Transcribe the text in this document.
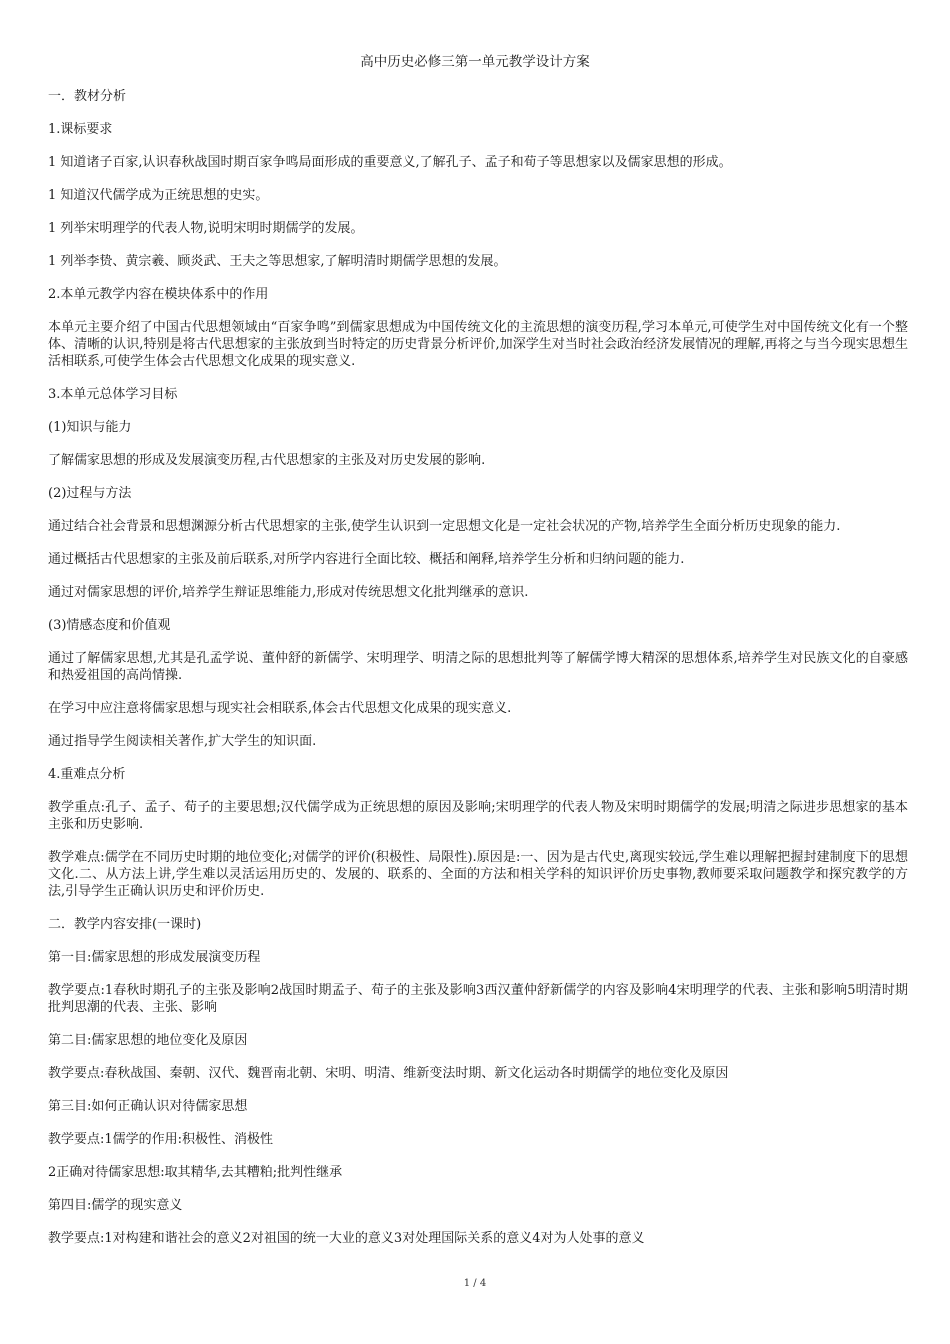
高中历史必修三第一单元教学设计方案

一．教材分析

1.课标要求

1 知道诸子百家,认识春秋战国时期百家争鸣局面形成的重要意义,了解孔子、孟子和荀子等思想家以及儒家思想的形成。

1 知道汉代儒学成为正统思想的史实。

1 列举宋明理学的代表人物,说明宋明时期儒学的发展。

1 列举李贽、黄宗羲、顾炎武、王夫之等思想家,了解明清时期儒学思想的发展。

2.本单元教学内容在模块体系中的作用

本单元主要介绍了中国古代思想领域由“百家争鸣”到儒家思想成为中国传统文化的主流思想的演变历程,学习本单元,可使学生对中国传统文化有一个整体、清晰的认识,特别是将古代思想家的主张放到当时特定的历史背景分析评价,加深学生对当时社会政治经济发展情况的理解,再将之与当今现实思想生活相联系,可使学生体会古代思想文化成果的现实意义.

3.本单元总体学习目标

(1)知识与能力

了解儒家思想的形成及发展演变历程,古代思想家的主张及对历史发展的影响.

(2)过程与方法

通过结合社会背景和思想渊源分析古代思想家的主张,使学生认识到一定思想文化是一定社会状况的产物,培养学生全面分析历史现象的能力.

通过概括古代思想家的主张及前后联系,对所学内容进行全面比较、概括和阐释,培养学生分析和归纳问题的能力.

通过对儒家思想的评价,培养学生辩证思维能力,形成对传统思想文化批判继承的意识.

(3)情感态度和价值观

通过了解儒家思想,尤其是孔孟学说、董仲舒的新儒学、宋明理学、明清之际的思想批判等了解儒学博大精深的思想体系,培养学生对民族文化的自豪感和热爱祖国的高尚情操.

在学习中应注意将儒家思想与现实社会相联系,体会古代思想文化成果的现实意义.

通过指导学生阅读相关著作,扩大学生的知识面.

4.重难点分析

教学重点:孔子、孟子、荀子的主要思想;汉代儒学成为正统思想的原因及影响;宋明理学的代表人物及宋明时期儒学的发展;明清之际进步思想家的基本主张和历史影响.

教学难点:儒学在不同历史时期的地位变化;对儒学的评价(积极性、局限性).原因是:一、因为是古代史,离现实较远,学生难以理解把握封建制度下的思想文化.二、从方法上讲,学生难以灵活运用历史的、发展的、联系的、全面的方法和相关学科的知识评价历史事物,教师要采取问题教学和探究教学的方法,引导学生正确认识历史和评价历史.

二．教学内容安排(一课时)

第一目:儒家思想的形成发展演变历程

教学要点:1春秋时期孔子的主张及影响2战国时期孟子、荀子的主张及影响3西汉董仲舒新儒学的内容及影响4宋明理学的代表、主张和影响5明清时期批判思潮的代表、主张、影响

第二目:儒家思想的地位变化及原因

教学要点:春秋战国、秦朝、汉代、魏晋南北朝、宋明、明清、维新变法时期、新文化运动各时期儒学的地位变化及原因

第三目:如何正确认识对待儒家思想

教学要点:1儒学的作用:积极性、消极性

2正确对待儒家思想:取其精华,去其糟粕;批判性继承

第四目:儒学的现实意义

教学要点:1对构建和谐社会的意义2对祖国的统一大业的意义3对处理国际关系的意义4对为人处事的意义

1 / 4
